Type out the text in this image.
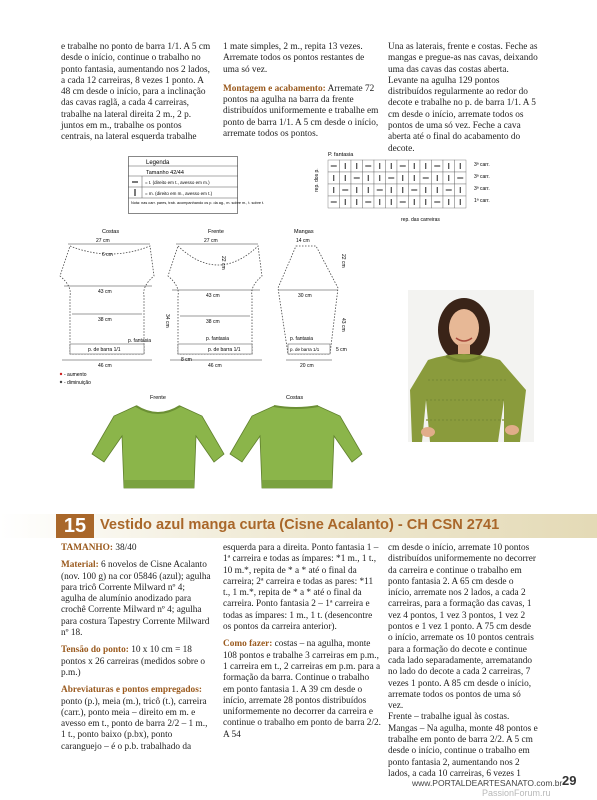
e trabalhe no ponto de barra 1/1. A 5 cm desde o início, continue o trabalho no ponto fantasia, aumentando nos 2 lados, a cada 12 carreiras, 8 vezes 1 ponto. A 48 cm desde o início, para a inclinação das cavas raglã, a cada 4 carreiras, trabalhe na lateral direita 2 m., 2 p. juntos em m., trabalhe os pontos centrais, na lateral esquerda trabalhe

1 mate simples, 2 m., repita 13 vezes. Arremate todos os pontos restantes de uma só vez.

Montagem e acabamento: Arremate 72 pontos na agulha na barra da frente distribuídos uniformemente e trabalhe em ponto de barra 1/1. A 5 cm desde o início, arremate todos os pontos.

Una as laterais, frente e costas. Feche as mangas e pregue-as nas cavas, deixando uma das cavas das costas aberta. Levante na agulha 129 pontos distribuídos regularmente ao redor do decote e trabalhe no p. de barra 1/1. A 5 cm desde o início, arremate todos os pontos de uma só vez. Feche a cava aberta até o final do acabamento do decote.

Legenda
Tamanho 42/44
= t. (direito em t., avesso em m.)
= m. (direito em m., avesso em t.)
Nota: nas carr. pares, trab. acompanhando os p. da ag., m. sobre m., t. sobre t.
P. fantasia
rep. dos p.
rep. das carreiras
3ª carr.
3ª carr.
3ª carr.
1ª carr.
Costas
27 cm
6 cm
43 cm
38 cm
p. fantasia
p. de barra 1/1
46 cm
Frente
27 cm
22 cm
43 cm
34 cm	38 cm
p. fantasia
p. de barra 1/1
46 cm
8 cm
Mangas
14 cm
22 cm
30 cm
43 cm
p. fantasia
p. de barra 1/1	5 cm
20 cm
- aumento
- diminuição
Frente	Costas
15 Vestido azul manga curta (Cisne Acalanto) - CH CSN 2741

TAMANHO: 38/40

Material: 6 novelos de Cisne Acalanto (nov. 100 g) na cor 05846 (azul); agulha para tricô Corrente Milward nº 4; agulha de alumínio anodizado para crochê Corrente Milward nº 4; agulha para costura Tapestry Corrente Milward nº 18.

Tensão do ponto: 10 x 10 cm = 18 pontos x 26 carreiras (medidos sobre o p.m.)

Abreviaturas e pontos empregados: ponto (p.), meia (m.), tricô (t.), carreira (carr.), ponto meia – direito em m. e avesso em t., ponto de barra 2/2 – 1 m., 1 t., ponto baixo (p.bx), ponto caranguejo – é o p.b. trabalhado da

esquerda para a direita. Ponto fantasia 1 – 1ª carreira e todas as ímpares: *1 m., 1 t., 10 m.*, repita de * a * até o final da carreira; 2ª carreira e todas as pares: *11 t., 1 m.*, repita de * a * até o final da carreira. Ponto fantasia 2 – 1ª carreira e todas as ímpares: 1 m., 1 t. (desencontre os pontos da carreira anterior).

Como fazer: costas – na agulha, monte 108 pontos e trabalhe 3 carreiras em p.m., 1 carreira em t., 2 carreiras em p.m. para a formação da barra. Continue o trabalho em ponto fantasia 1. A 39 cm desde o início, arremate 28 pontos distribuídos uniformemente no decorrer da carreira e continue o trabalho em ponto de barra 2/2. A 54

cm desde o início, arremate 10 pontos distribuídos uniformemente no decorrer da carreira e continue o trabalho em ponto fantasia 2. A 65 cm desde o início, arremate nos 2 lados, a cada 2 carreiras, para a formação das cavas, 1 vez 4 pontos, 1 vez 3 pontos, 1 vez 2 pontos e 1 vez 1 ponto. A 75 cm desde o início, arremate os 10 pontos centrais para a formação do decote e continue cada lado separadamente, arrematando no lado do decote a cada 2 carreiras, 7 vezes 1 ponto. A 85 cm desde o início, arremate todos os pontos de uma só vez.

Frente – trabalhe igual às costas.

Mangas – Na agulha, monte 48 pontos e trabalhe em ponto de barra 2/2. A 5 cm desde o início, continue o trabalho em ponto fantasia 2, aumentando nos 2 lados, a cada 10 carreiras, 6 vezes 1

www.PORTALDEARTESANATO.com.br 29
PassionForum.ru
